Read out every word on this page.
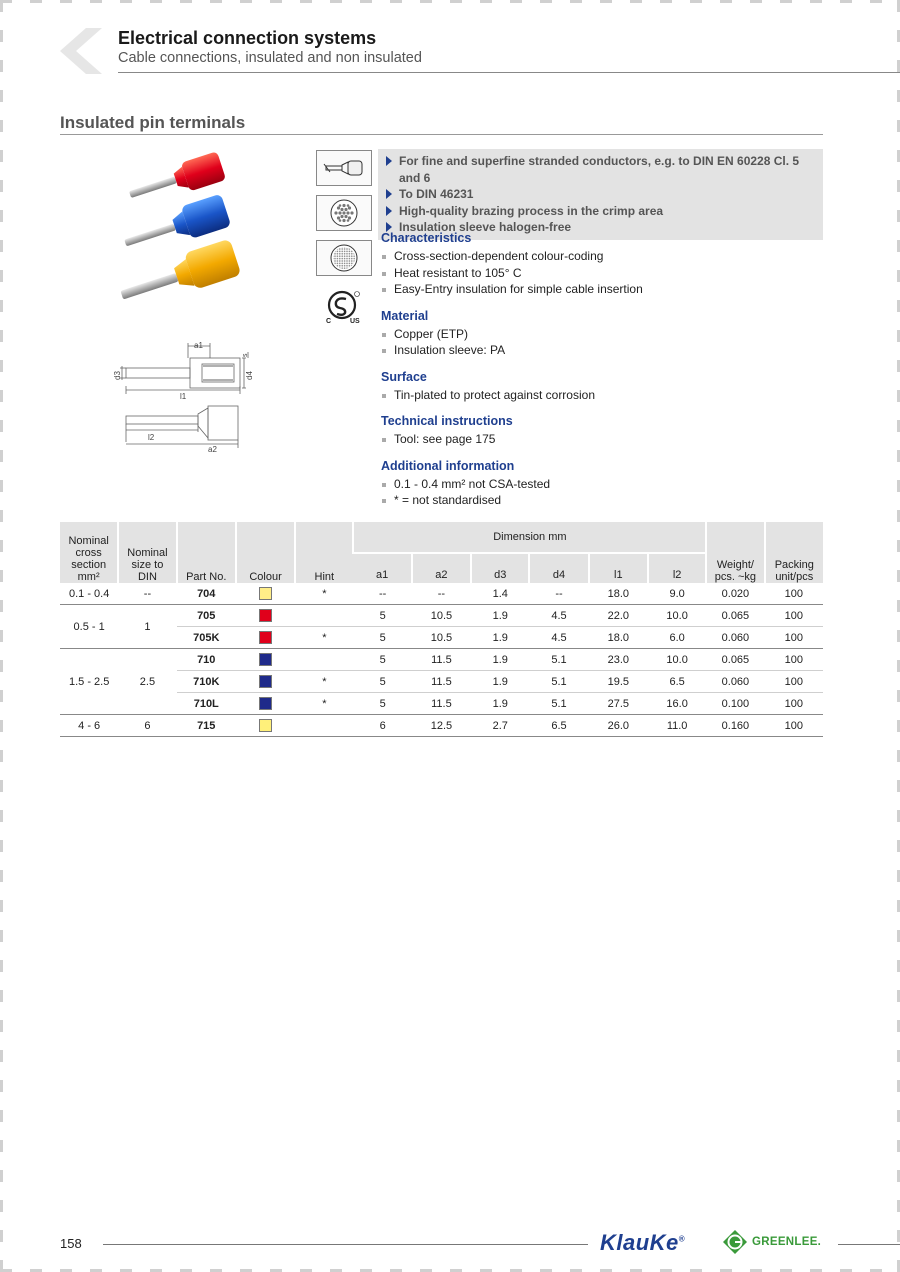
Electrical connection systems
Cable connections, insulated and non insulated
Insulated pin terminals
a1
d3
l1
d4
s
l2
a2
C	US
For fine and superfine stranded conductors, e.g. to DIN EN 60228 Cl. 5 and 6
To DIN 46231
High-quality brazing process in the crimp area
Insulation sleeve halogen-free
Characteristics
Cross-section-dependent colour-coding
Heat resistant to 105° C
Easy-Entry insulation for simple cable insertion
Material
Copper (ETP)
Insulation sleeve: PA
Surface
Tin-plated to protect against corrosion
Technical instructions
Tool: see page 175
Additional information
0.1 - 0.4 mm² not CSA-tested
* = not standardised
Nominal cross section mm²	Nominal size to DIN	Part No.	Colour	Hint	Dimension mm						Weight/ pcs. ~kg	Packing unit/pcs
					a1	a2	d3	d4	l1	l2		
0.1 - 0.4	--	704		*	--	--	1.4	--	18.0	9.0	0.020	100
0.5 - 1	1	705			5	10.5	1.9	4.5	22.0	10.0	0.065	100
		705K		*	5	10.5	1.9	4.5	18.0	6.0	0.060	100
1.5 - 2.5	2.5	710			5	11.5	1.9	5.1	23.0	10.0	0.065	100
		710K		*	5	11.5	1.9	5.1	19.5	6.5	0.060	100
		710L		*	5	11.5	1.9	5.1	27.5	16.0	0.100	100
4 - 6	6	715			6	12.5	2.7	6.5	26.0	11.0	0.160	100
158	KlauKe®	GREENLEE .
